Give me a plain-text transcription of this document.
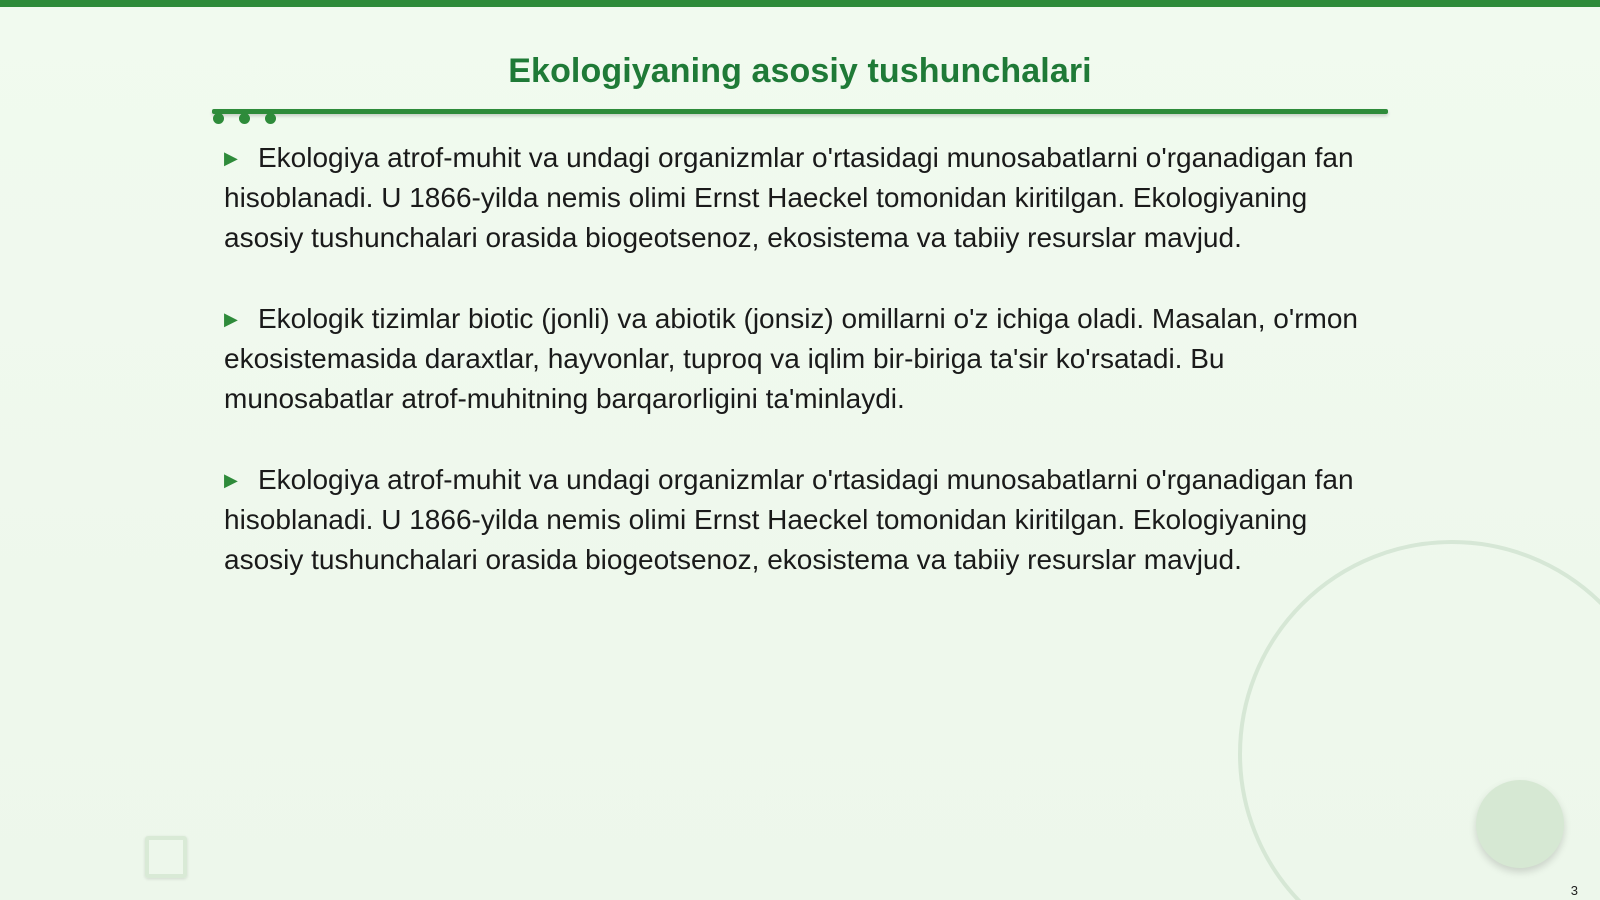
Ekologiyaning asosiy tushunchalari

▶ Ekologiya atrof-muhit va undagi organizmlar o'rtasidagi munosabatlarni o'rganadigan fan hisoblanadi. U 1866-yilda nemis olimi Ernst Haeckel tomonidan kiritilgan. Ekologiyaning asosiy tushunchalari orasida biogeotsenoz, ekosistema va tabiiy resurslar mavjud.

▶ Ekologik tizimlar biotic (jonli) va abiotik (jonsiz) omillarni o'z ichiga oladi. Masalan, o'rmon ekosistemasida daraxtlar, hayvonlar, tuproq va iqlim bir-biriga ta'sir ko'rsatadi. Bu munosabatlar atrof-muhitning barqarorligini ta'minlaydi.

▶ Ekologiya atrof-muhit va undagi organizmlar o'rtasidagi munosabatlarni o'rganadigan fan hisoblanadi. U 1866-yilda nemis olimi Ernst Haeckel tomonidan kiritilgan. Ekologiyaning asosiy tushunchalari orasida biogeotsenoz, ekosistema va tabiiy resurslar mavjud.

3
